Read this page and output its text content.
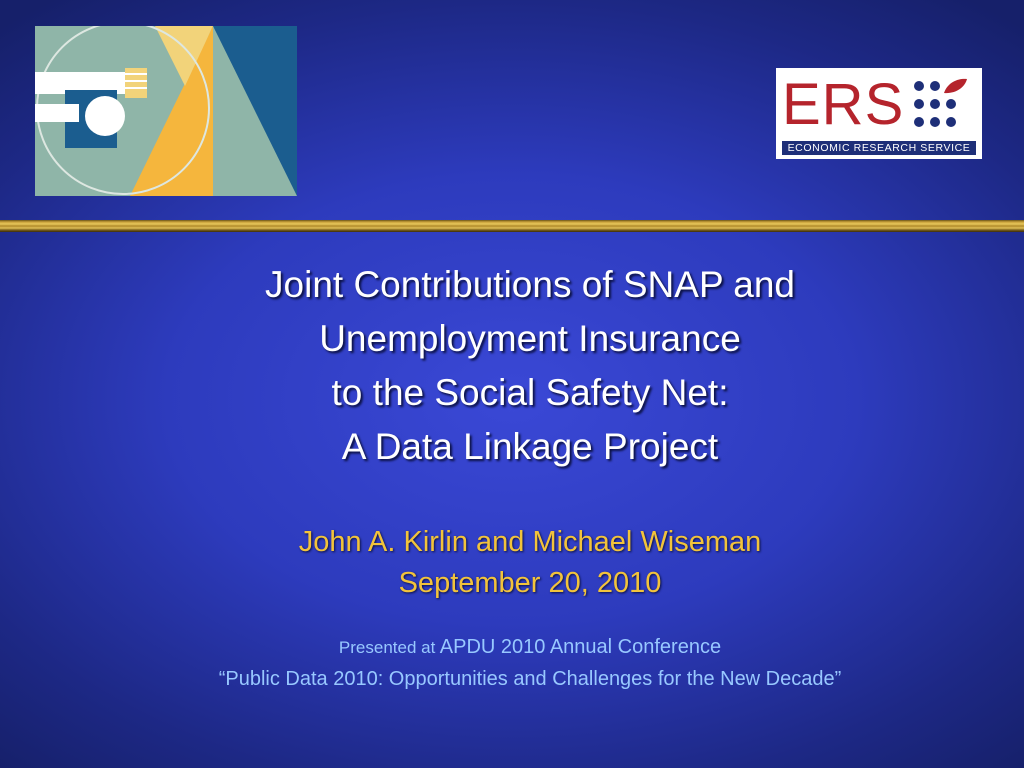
ERS
ECONOMIC RESEARCH SERVICE
Joint Contributions of SNAP and
Unemployment Insurance
to the Social Safety Net:
A Data Linkage Project
John A. Kirlin and Michael Wiseman
September 20, 2010
Presented at APDU 2010 Annual Conference
“Public Data 2010: Opportunities and Challenges for the New Decade”
